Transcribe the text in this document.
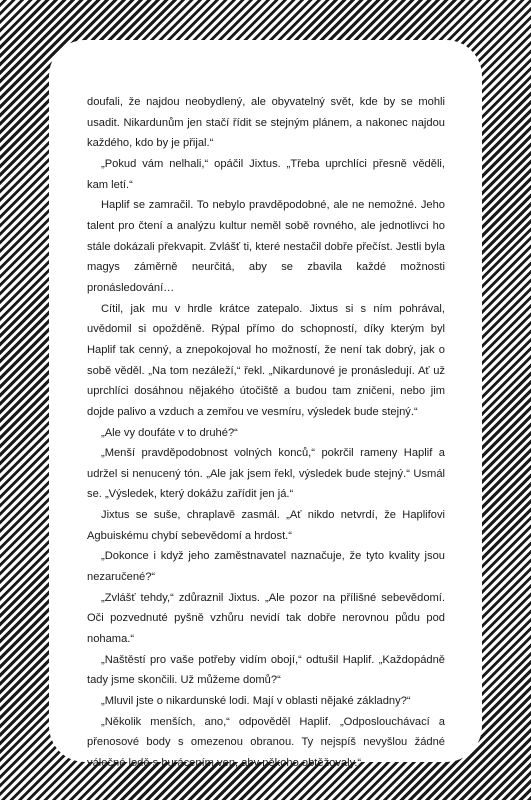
doufali, že najdou neobydlený, ale obyvatelný svět, kde by se mohli usadit. Nikardunům jen stačí řídit se stejným plánem, a nakonec najdou každého, kdo by je přijal.“

„Pokud vám nelhali,“ opáčil Jixtus. „Třeba uprchlíci přesně věděli, kam letí.“

Haplif se zamračil. To nebylo pravděpodobné, ale ne nemožné. Jeho talent pro čtení a analýzu kultur neměl sobě rovného, ale jednotlivci ho stále dokázali překvapit. Zvlášť ti, které nestačil dobře přečíst. Jestli byla magys záměrně neurčitá, aby se zbavila každé možnosti pronásledování…

Cítil, jak mu v hrdle krátce zatepalo. Jixtus si s ním pohrával, uvědomil si opožděně. Rýpal přímo do schopností, díky kterým byl Haplif tak cenný, a znepokojoval ho možností, že není tak dobrý, jak o sobě věděl. „Na tom nezáleží,“ řekl. „Nikardunové je pronásledují. Ať už uprchlíci dosáhnou nějakého útočiště a budou tam zničeni, nebo jim dojde palivo a vzduch a zemřou ve vesmíru, výsledek bude stejný.“

„Ale vy doufáte v to druhé?“

„Menší pravděpodobnost volných konců,“ pokrčil rameny Haplif a udržel si nenucený tón. „Ale jak jsem řekl, výsledek bude stejný.“ Usmál se. „Výsledek, který dokážu zařídit jen já.“

Jixtus se suše, chraplavě zasmál. „Ať nikdo netvrdí, že Haplifovi Agbuiskému chybí sebevědomí a hrdost.“

„Dokonce i když jeho zaměstnavatel naznačuje, že tyto kvality jsou nezaručené?“

„Zvlášť tehdy,“ zdůraznil Jixtus. „Ale pozor na přílišné sebevědomí. Oči pozvednuté pyšně vzhůru nevidí tak dobře nerovnou půdu pod nohama.“

„Naštěstí pro vaše potřeby vidím obojí,“ odtušil Haplif. „Každopádně tady jsme skončili. Už můžeme domů?“

„Mluvil jste o nikardunské lodi. Mají v oblasti nějaké základny?“

„Několik menších, ano,“ odpověděl Haplif. „Odposlouchávací a přenosové body s omezenou obranou. Ty nejspíš nevyšlou žádné válečné lodě s burácením ven, aby někoho obtěžovaly.“
